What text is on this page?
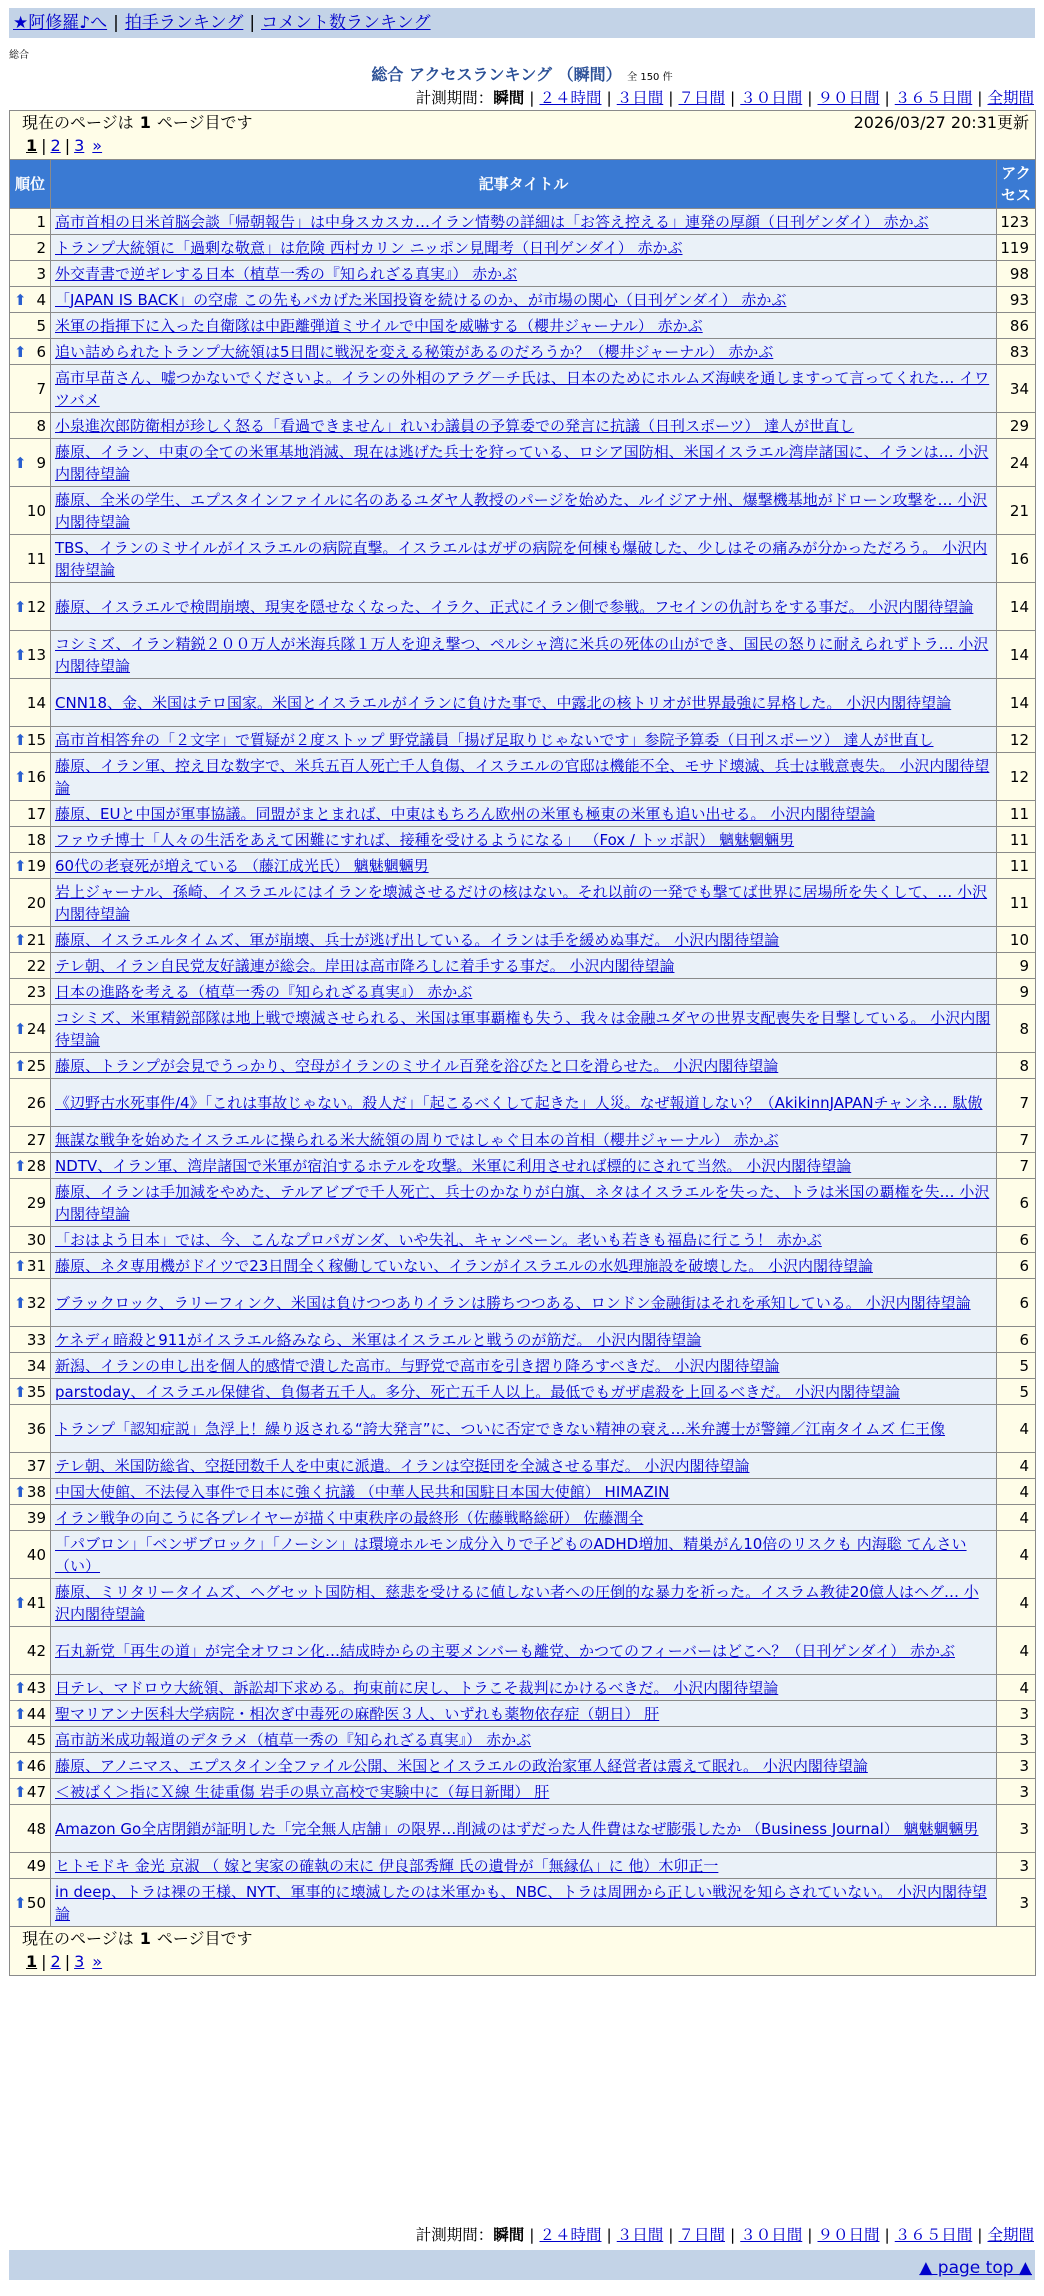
★阿修羅♪へ | 拍手ランキング | コメント数ランキング
総合
総合 アクセスランキング （瞬間） 全 150 件
計測期間：瞬間 | ２４時間 | ３日間 | ７日間 | ３０日間 | ９０日間 | ３６５日間 | 全期間
現在のページは 1 ページ目です 2026/03/27 20:31更新
1 | 2 | 3 »		

順位	記事タイトル	アクセス
1	高市首相の日米首脳会談「帰朝報告」は中身スカスカ…イラン情勢の詳細は「お答え控える」連発の厚顔（日刊ゲンダイ） 赤かぶ	123
2	トランプ大統領に「過剰な敬意」は危険 西村カリン ニッポン見聞考（日刊ゲンダイ） 赤かぶ	119
3	外交青書で逆ギレする日本（植草一秀の『知られざる真実』） 赤かぶ	98

⬆ 4	「JAPAN IS BACK」の空虚 この先もバカげた米国投資を続けるのか、が市場の関心（日刊ゲンダイ） 赤かぶ	93
5	米軍の指揮下に入った自衛隊は中距離弾道ミサイルで中国を威嚇する（櫻井ジャーナル） 赤かぶ	86

⬆ 6	追い詰められたトランプ大統領は5日間に戦況を変える秘策があるのだろうか？（櫻井ジャーナル） 赤かぶ	83
7	高市早苗さん、嘘つかないでくださいよ。イランの外相のアラグ－チ氏は、日本のためにホルムズ海峡を通しますって言ってくれた… イワツバメ	34
8	小泉進次郎防衛相が珍しく怒る「看過できません」れいわ議員の予算委での発言に抗議（日刊スポーツ） 達人が世直し	29

⬆ 9	藤原、イラン、中東の全ての米軍基地消滅、現在は逃げた兵士を狩っている、ロシア国防相、米国イスラエル湾岸諸国に、イランは… 小沢内閣待望論	24
10	藤原、全米の学生、エプスタインファイルに名のあるユダヤ人教授のパージを始めた、ルイジアナ州、爆撃機基地がドローン攻撃を… 小沢内閣待望論	21
11	TBS、イランのミサイルがイスラエルの病院直撃。イスラエルはガザの病院を何棟も爆破した、少しはその痛みが分かっただろう。 小沢内閣待望論	16

⬆ 12	藤原、イスラエルで検問崩壊、現実を隠せなくなった、イラク、正式にイラン側で参戦。フセインの仇討ちをする事だ。 小沢内閣待望論	14

⬆ 13	コシミズ、イラン精鋭２００万人が米海兵隊１万人を迎え撃つ、ペルシャ湾に米兵の死体の山ができ、国民の怒りに耐えられずトラ… 小沢内閣待望論	14
14	CNN18、金、米国はテロ国家。米国とイスラエルがイランに負けた事で、中露北の核トリオが世界最強に昇格した。 小沢内閣待望論	14

⬆ 15	高市首相答弁の「２文字」で質疑が２度ストップ 野党議員「揚げ足取りじゃないです」参院予算委（日刊スポーツ） 達人が世直し	12

⬆ 16	藤原、イラン軍、控え目な数字で、米兵五百人死亡千人負傷、イスラエルの官邸は機能不全、モサド壊滅、兵士は戦意喪失。 小沢内閣待望論	12
17	藤原、EUと中国が軍事協議。同盟がまとまれば、中東はもちろん欧州の米軍も極東の米軍も追い出せる。 小沢内閣待望論	11
18	ファウチ博士「人々の生活をあえて困難にすれば、接種を受けるようになる」 （Fox / トッポ訳） 魑魅魍魎男	11

⬆ 19	60代の老衰死が増えている （藤江成光氏） 魑魅魍魎男	11
20	岩上ジャーナル、孫崎、イスラエルにはイランを壊滅させるだけの核はない。それ以前の一発でも撃てば世界に居場所を失くして、… 小沢内閣待望論	11

⬆ 21	藤原、イスラエルタイムズ、軍が崩壊、兵士が逃げ出している。イランは手を緩めぬ事だ。 小沢内閣待望論	10
22	テレ朝、イラン自民党友好議連が総会。岸田は高市降ろしに着手する事だ。 小沢内閣待望論	9
23	日本の進路を考える（植草一秀の『知られざる真実』） 赤かぶ	9

⬆ 24	コシミズ、米軍精鋭部隊は地上戦で壊滅させられる、米国は軍事覇権も失う、我々は金融ユダヤの世界支配喪失を目撃している。 小沢内閣待望論	8

⬆ 25	藤原、トランプが会見でうっかり、空母がイランのミサイル百発を浴びたと口を滑らせた。 小沢内閣待望論	8
26	《辺野古水死事件/4》「これは事故じゃない。殺人だ」「起こるべくして起きた」人災。なぜ報道しない？（AkikinnJAPANチャンネ… 駄傲	7
27	無謀な戦争を始めたイスラエルに操られる米大統領の周りではしゃぐ日本の首相（櫻井ジャーナル） 赤かぶ	7

⬆ 28	NDTV、イラン軍、湾岸諸国で米軍が宿泊するホテルを攻撃。米軍に利用させれば標的にされて当然。 小沢内閣待望論	7
29	藤原、イランは手加減をやめた、テルアビブで千人死亡、兵士のかなりが白旗、ネタはイスラエルを失った、トラは米国の覇権を失… 小沢内閣待望論	6
30	「おはよう日本」では、今、こんなプロパガンダ、いや失礼、キャンペーン。老いも若きも福島に行こう！ 赤かぶ	6

⬆ 31	藤原、ネタ専用機がドイツで23日間全く稼働していない、イランがイスラエルの水処理施設を破壊した。 小沢内閣待望論	6

⬆ 32	ブラックロック、ラリーフィンク、米国は負けつつありイランは勝ちつつある、ロンドン金融街はそれを承知している。 小沢内閣待望論	6
33	ケネディ暗殺と911がイスラエル絡みなら、米軍はイスラエルと戦うのが筋だ。 小沢内閣待望論	6
34	新潟、イランの申し出を個人的感情で潰した高市。与野党で高市を引き摺り降ろすべきだ。 小沢内閣待望論	5

⬆ 35	parstoday、イスラエル保健省、負傷者五千人。多分、死亡五千人以上。最低でもガザ虐殺を上回るべきだ。 小沢内閣待望論	5
36	トランプ「認知症説」急浮上！繰り返される“誇大発言”に、ついに否定できない精神の衰え…米弁護士が警鐘／江南タイムズ 仁王像	4
37	テレ朝、米国防総省、空挺団数千人を中東に派遣。イランは空挺団を全滅させる事だ。 小沢内閣待望論	4

⬆ 38	中国大使館、不法侵入事件で日本に強く抗議 （中華人民共和国駐日本国大使館） HIMAZIN	4
39	イラン戦争の向こうに各プレイヤーが描く中東秩序の最終形（佐藤戦略総研） 佐藤潤全	4
40	「パブロン」「ベンザブロック」「ノーシン」は環境ホルモン成分入りで子どものADHD増加、精巣がん10倍のリスクも 内海聡 てんさい（い）	4

⬆ 41	藤原、ミリタリータイムズ、ヘグセット国防相、慈悲を受けるに値しない者への圧倒的な暴力を祈った。イスラム教徒20億人はヘグ… 小沢内閣待望論	4
42	石丸新党「再生の道」が完全オワコン化…結成時からの主要メンバーも離党、かつてのフィーバーはどこへ？（日刊ゲンダイ） 赤かぶ	4

⬆ 43	日テレ、マドロウ大統領、訴訟却下求める。拘束前に戻し、トラこそ裁判にかけるべきだ。 小沢内閣待望論	4

⬆ 44	聖マリアンナ医科大学病院・相次ぎ中毒死の麻酔医３人、いずれも薬物依存症（朝日） 肝	3
45	高市訪米成功報道のデタラメ（植草一秀の『知られざる真実』） 赤かぶ	3

⬆ 46	藤原、アノニマス、エプスタイン全ファイル公開、米国とイスラエルの政治家軍人経営者は震えて眠れ。 小沢内閣待望論	3

⬆ 47	＜被ばく＞指にＸ線 生徒重傷 岩手の県立高校で実験中に（毎日新聞） 肝	3
48	Amazon Go全店閉鎖が証明した「完全無人店舗」の限界…削減のはずだった人件費はなぜ膨張したか （Business Journal） 魑魅魍魎男	3
49	ヒトモドキ 金光 京淑 （ 嫁と実家の確執の末に 伊良部秀輝 氏の遺骨が「無縁仏」に 他）木卯正一	3

⬆ 50	in deep、トラは裸の王様、NYT、軍事的に壊滅したのは米軍かも、NBC、トラは周囲から正しい戦況を知らされていない。 小沢内閣待望論	3

現在のページは 1 ページ目です
1 | 2 | 3 »		
計測期間：瞬間 | ２４時間 | ３日間 | ７日間 | ３０日間 | ９０日間 | ３６５日間 | 全期間
▲ page top ▲
